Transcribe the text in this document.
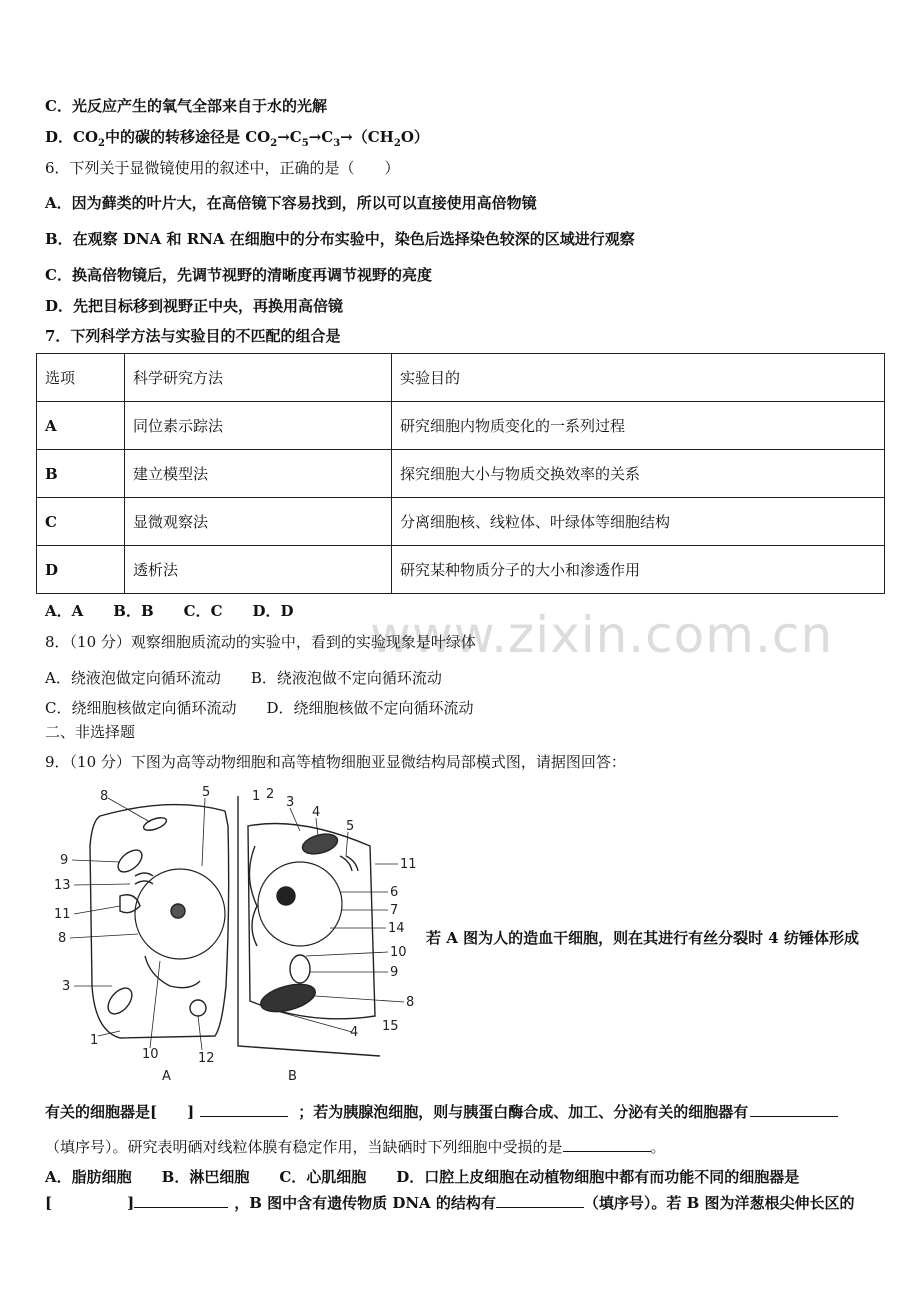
C．光反应产生的氧气全部来自于水的光解
D．$CO_2$中的碳的转移途径是 $CO_2\to C_5\to C_3\to(CH_2O)$
6．下列关于显微镜使用的叙述中，正确的是（　　）
A．因为藓类的叶片大，在高倍镜下容易找到，所以可以直接使用高倍物镜
B．在观察 DNA 和 RNA 在细胞中的分布实验中，染色后选择染色较深的区域进行观察
C．换高倍物镜后，先调节视野的清晰度再调节视野的亮度
D．先把目标移到视野正中央，再换用高倍镜
7．下列科学方法与实验目的不匹配的组合是
选项	科学研究方法	实验目的
A	同位素示踪法	研究细胞内物质变化的一系列过程
B	建立模型法	探究细胞大小与物质交换效率的关系
C	显微观察法	分离细胞核、线粒体、叶绿体等细胞结构
D	透析法	研究某种物质分子的大小和渗透作用
A．A　　B．B　　C．C　　D．D www.zixin.com.cn
8．（10 分）观察细胞质流动的实验中，看到的实验现象是叶绿体
A．绕液泡做定向循环流动　　B．绕液泡做不定向循环流动
C．绕细胞核做定向循环流动　　D．绕细胞核做不定向循环流动
二、非选择题
9．（10 分）下图为高等动物细胞和高等植物细胞亚显微结构局部模式图，请据图回答：
8	5
9
13
11
8
3
1
10	12
A
1 2
3
4
5
11
6
7
14
10
9
8
15
4
B
若 A 图为人的造血干细胞，则在其进行有丝分裂时 4 纺锤体形成
有关的细胞器是[　　]	；若为胰腺泡细胞，则与胰蛋白酶合成、加工、分泌有关的细胞器有
（填序号）。研究表明硒对线粒体膜有稳定作用，当缺硒时下列细胞中受损的是	。
A．脂肪细胞　　B．淋巴细胞　　C．心肌细胞　　D．口腔上皮细胞在动植物细胞中都有而功能不同的细胞器是
[　　　　　]	，B 图中含有遗传物质 DNA 的结构有	（填序号）。若 B 图为洋葱根尖伸长区的
